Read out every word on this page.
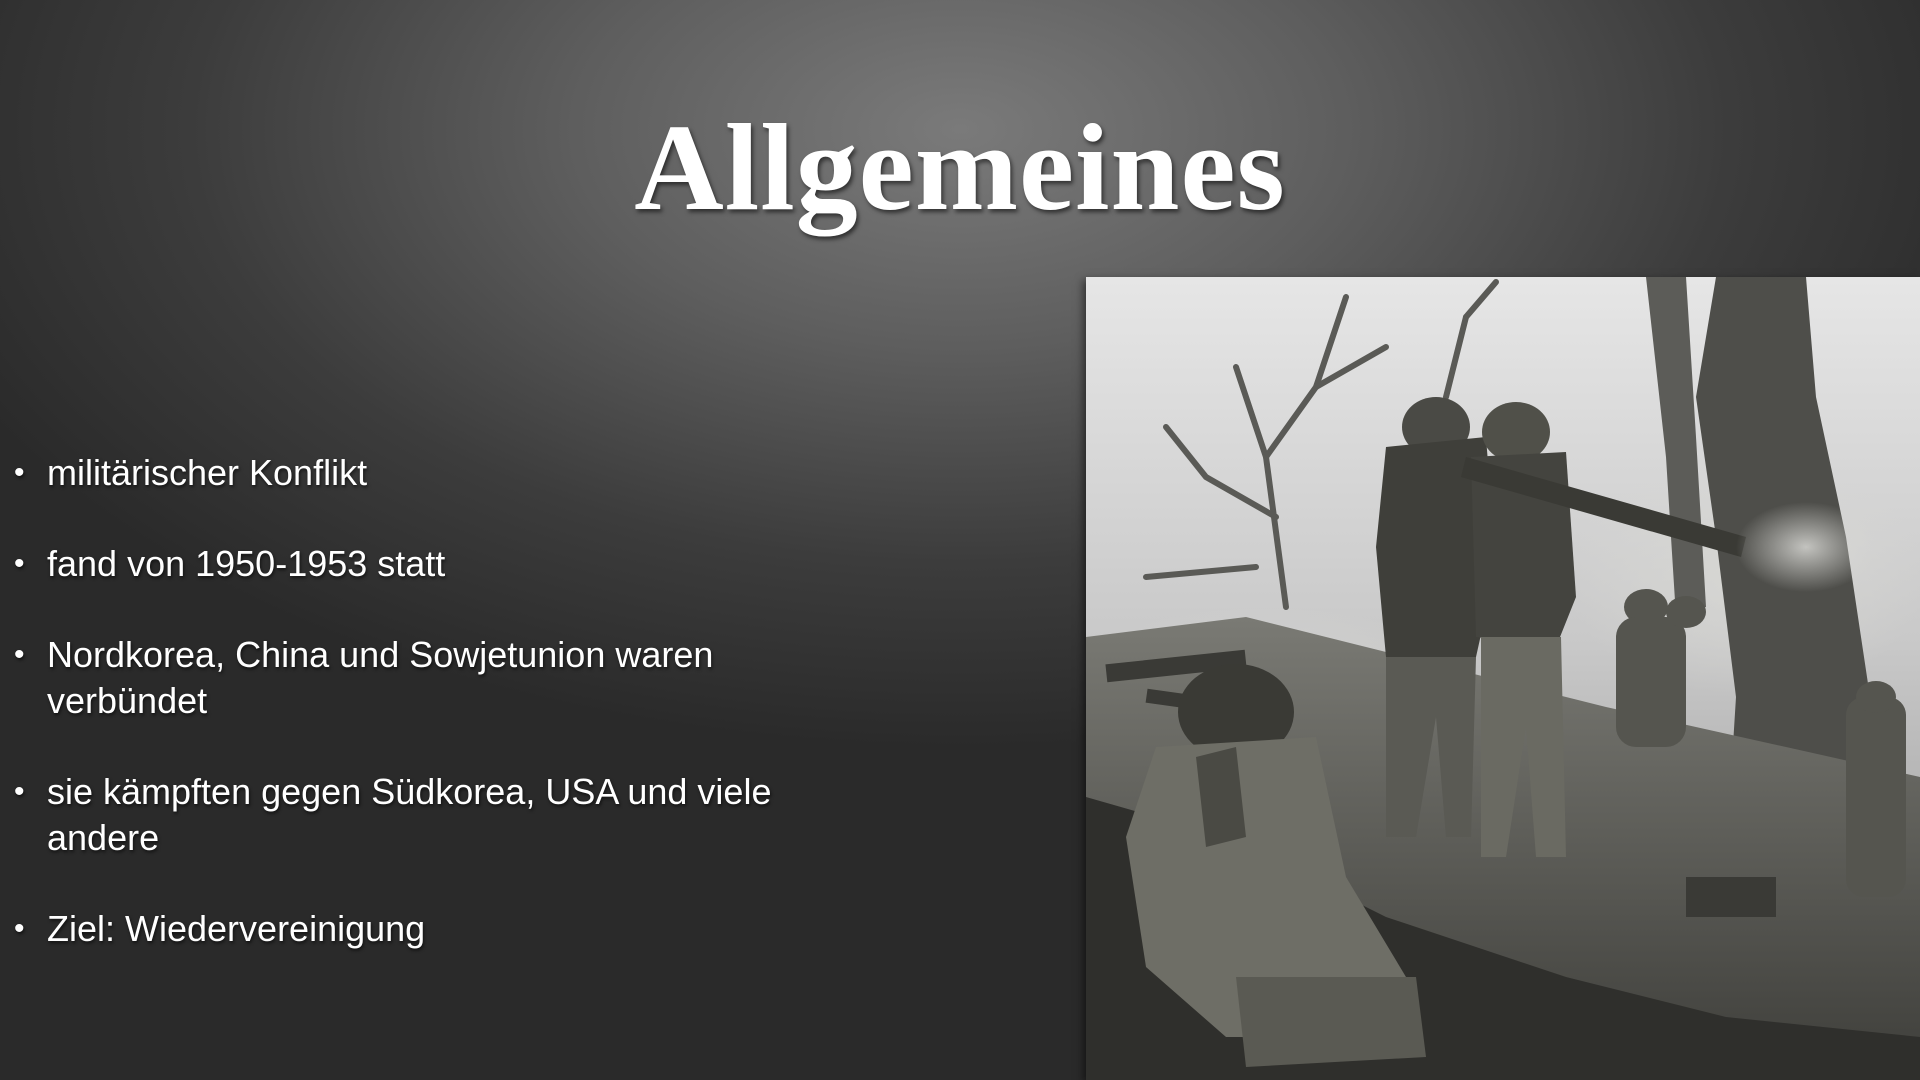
Allgemeines
• militärischer Konflikt
• fand von 1950-1953 statt
• Nordkorea, China und Sowjetunion waren verbündet
• sie kämpften gegen Südkorea, USA und viele andere
• Ziel: Wiedervereinigung
